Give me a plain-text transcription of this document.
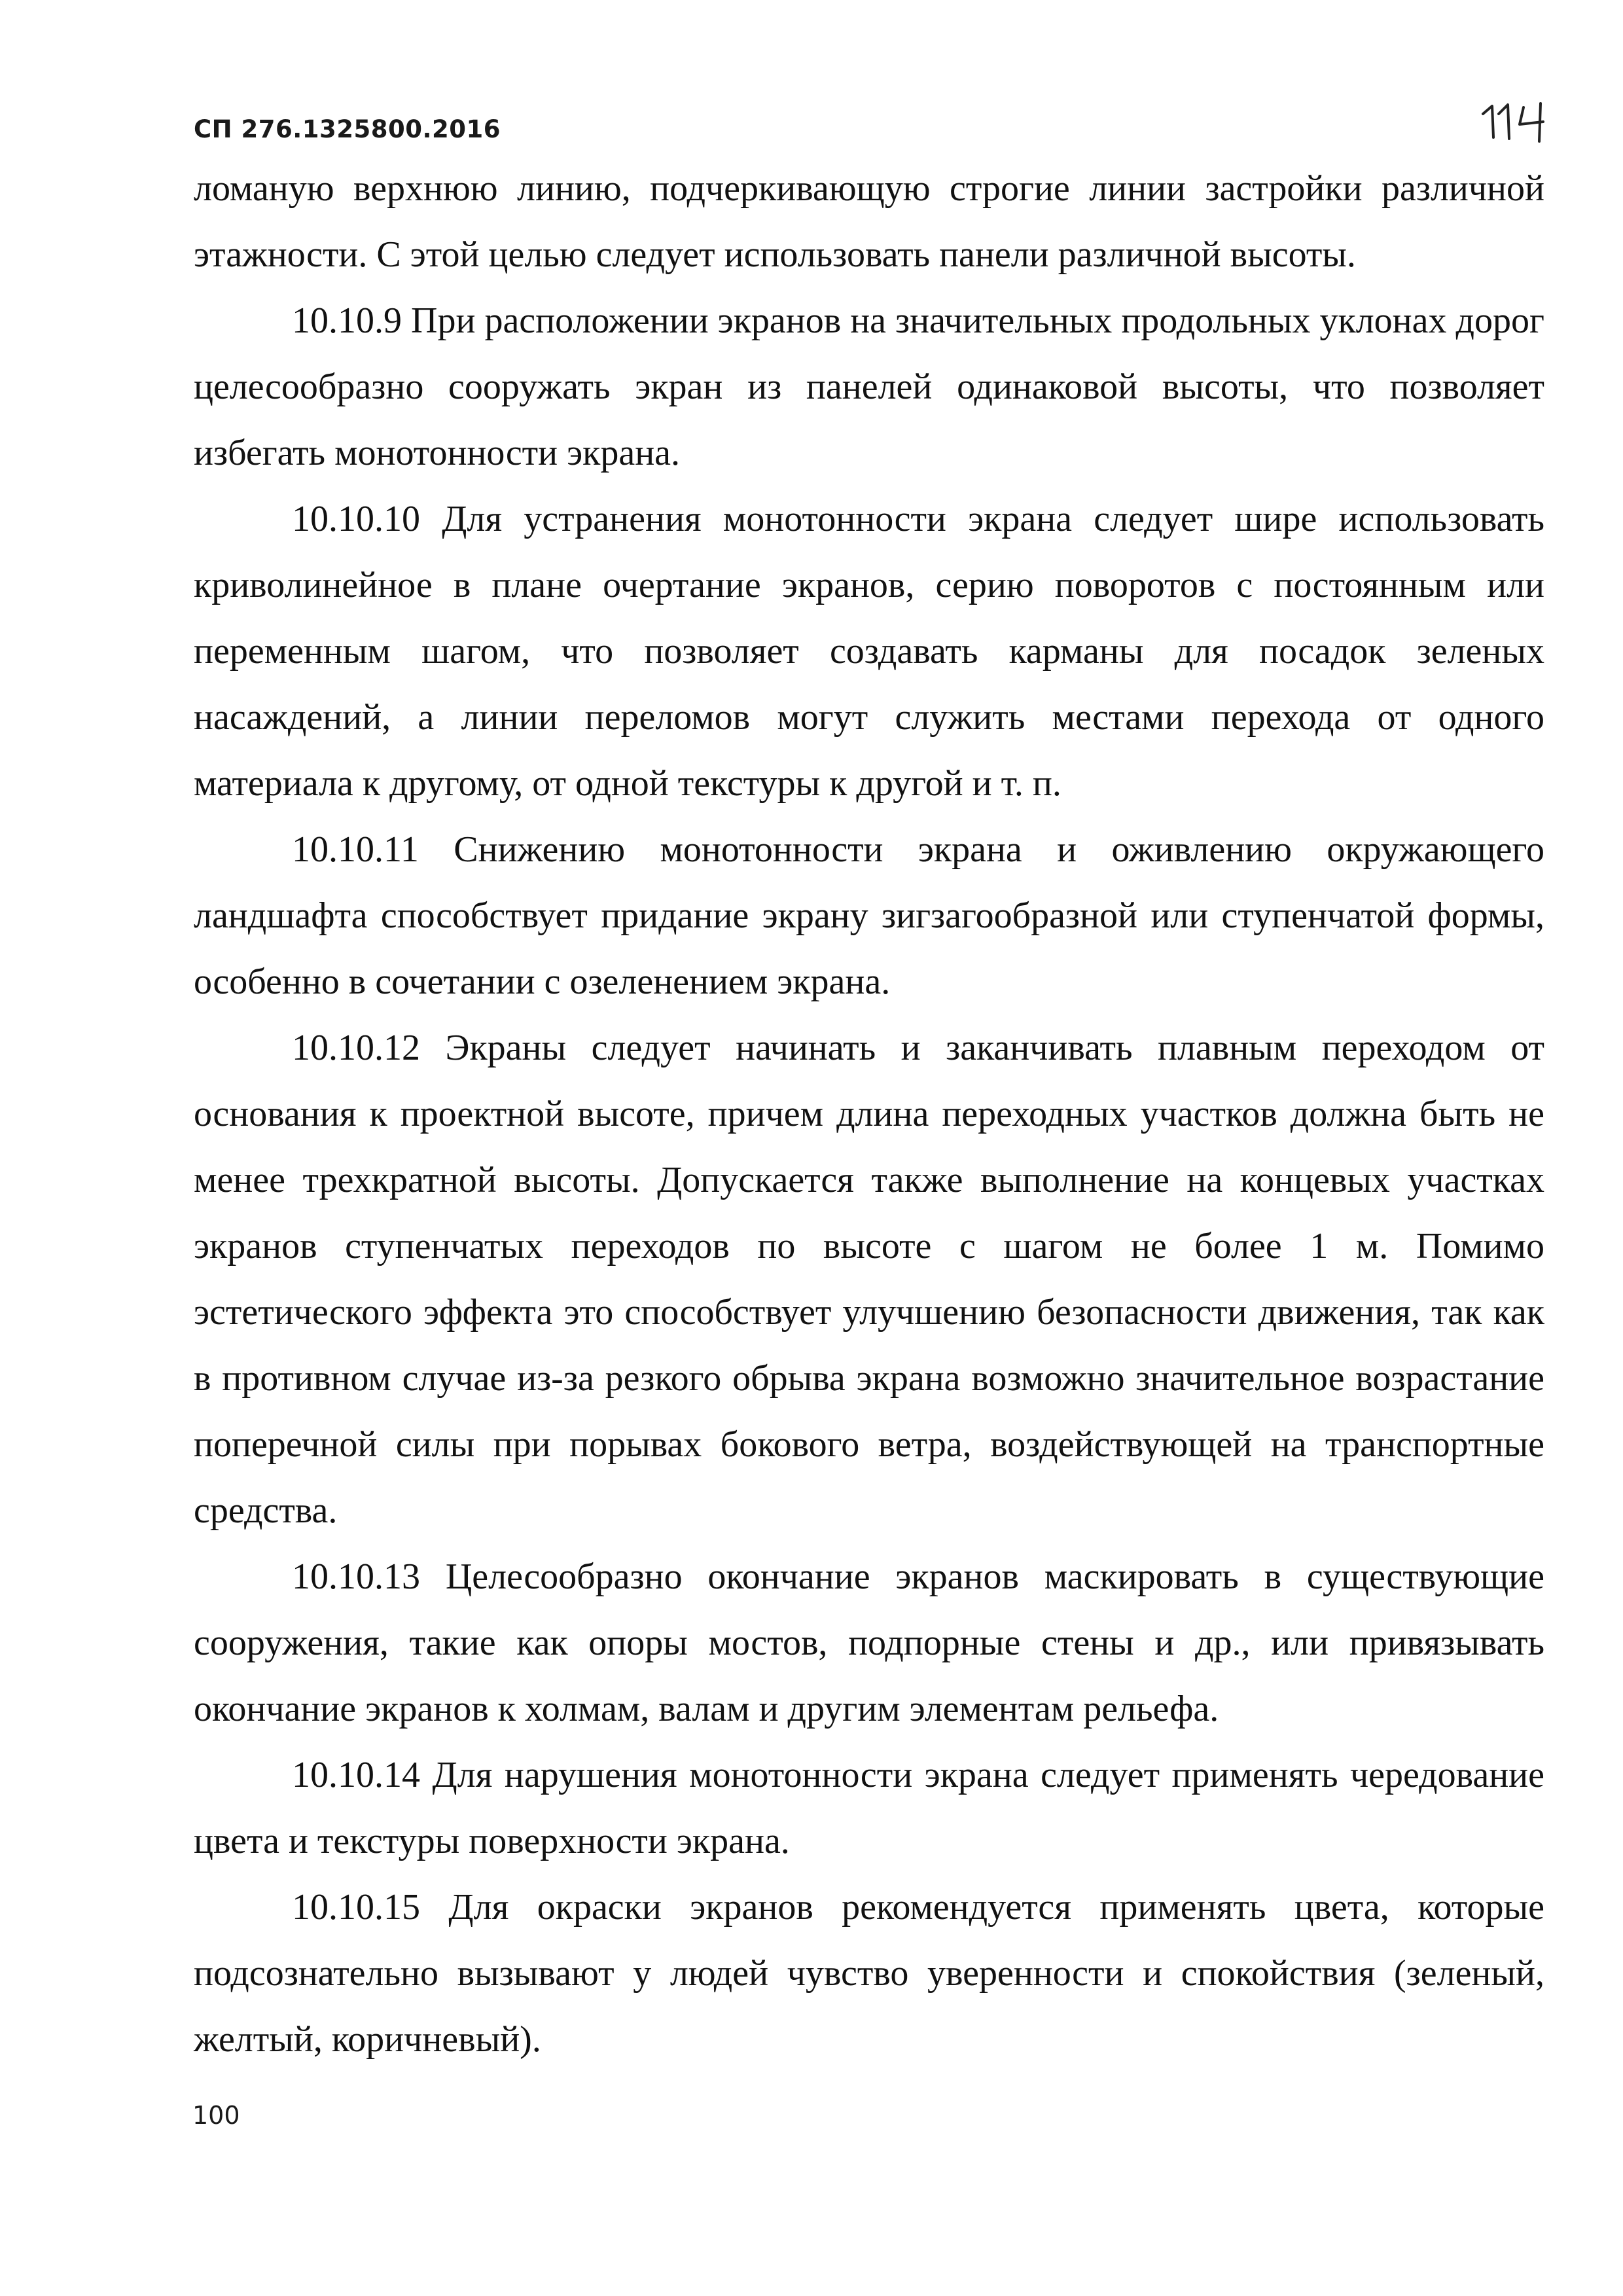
СП 276.1325800.2016

ломаную верхнюю линию, подчеркивающую строгие линии застройки различной этажности. С этой целью следует использовать панели различной высоты.

10.10.9 При расположении экранов на значительных продольных уклонах дорог целесообразно сооружать экран из панелей одинаковой высоты, что позволяет избегать монотонности экрана.

10.10.10 Для устранения монотонности экрана следует шире использовать криволинейное в плане очертание экранов, серию поворотов с постоянным или переменным шагом, что позволяет создавать карманы для посадок зеленых насаждений, а линии переломов могут служить местами перехода от одного материала к другому, от одной текстуры к другой и т. п.

10.10.11 Снижению монотонности экрана и оживлению окружающего ландшафта способствует придание экрану зигзагообразной или ступенчатой формы, особенно в сочетании с озеленением экрана.

10.10.12 Экраны следует начинать и заканчивать плавным переходом от основания к проектной высоте, причем длина переходных участков должна быть не менее трехкратной высоты. Допускается также выполнение на концевых участках экранов ступенчатых переходов по высоте с шагом не более 1 м. Помимо эстетического эффекта это способствует улучшению безопасности движения, так как в противном случае из-за резкого обрыва экрана возможно значительное возрастание поперечной силы при порывах бокового ветра, воздействующей на транспортные средства.

10.10.13 Целесообразно окончание экранов маскировать в существующие сооружения, такие как опоры мостов, подпорные стены и др., или привязывать окончание экранов к холмам, валам и другим элементам рельефа.

10.10.14 Для нарушения монотонности экрана следует применять чередование цвета и текстуры поверхности экрана.

10.10.15 Для окраски экранов рекомендуется применять цвета, которые подсознательно вызывают у людей чувство уверенности и спокойствия (зеленый, желтый, коричневый).

100
